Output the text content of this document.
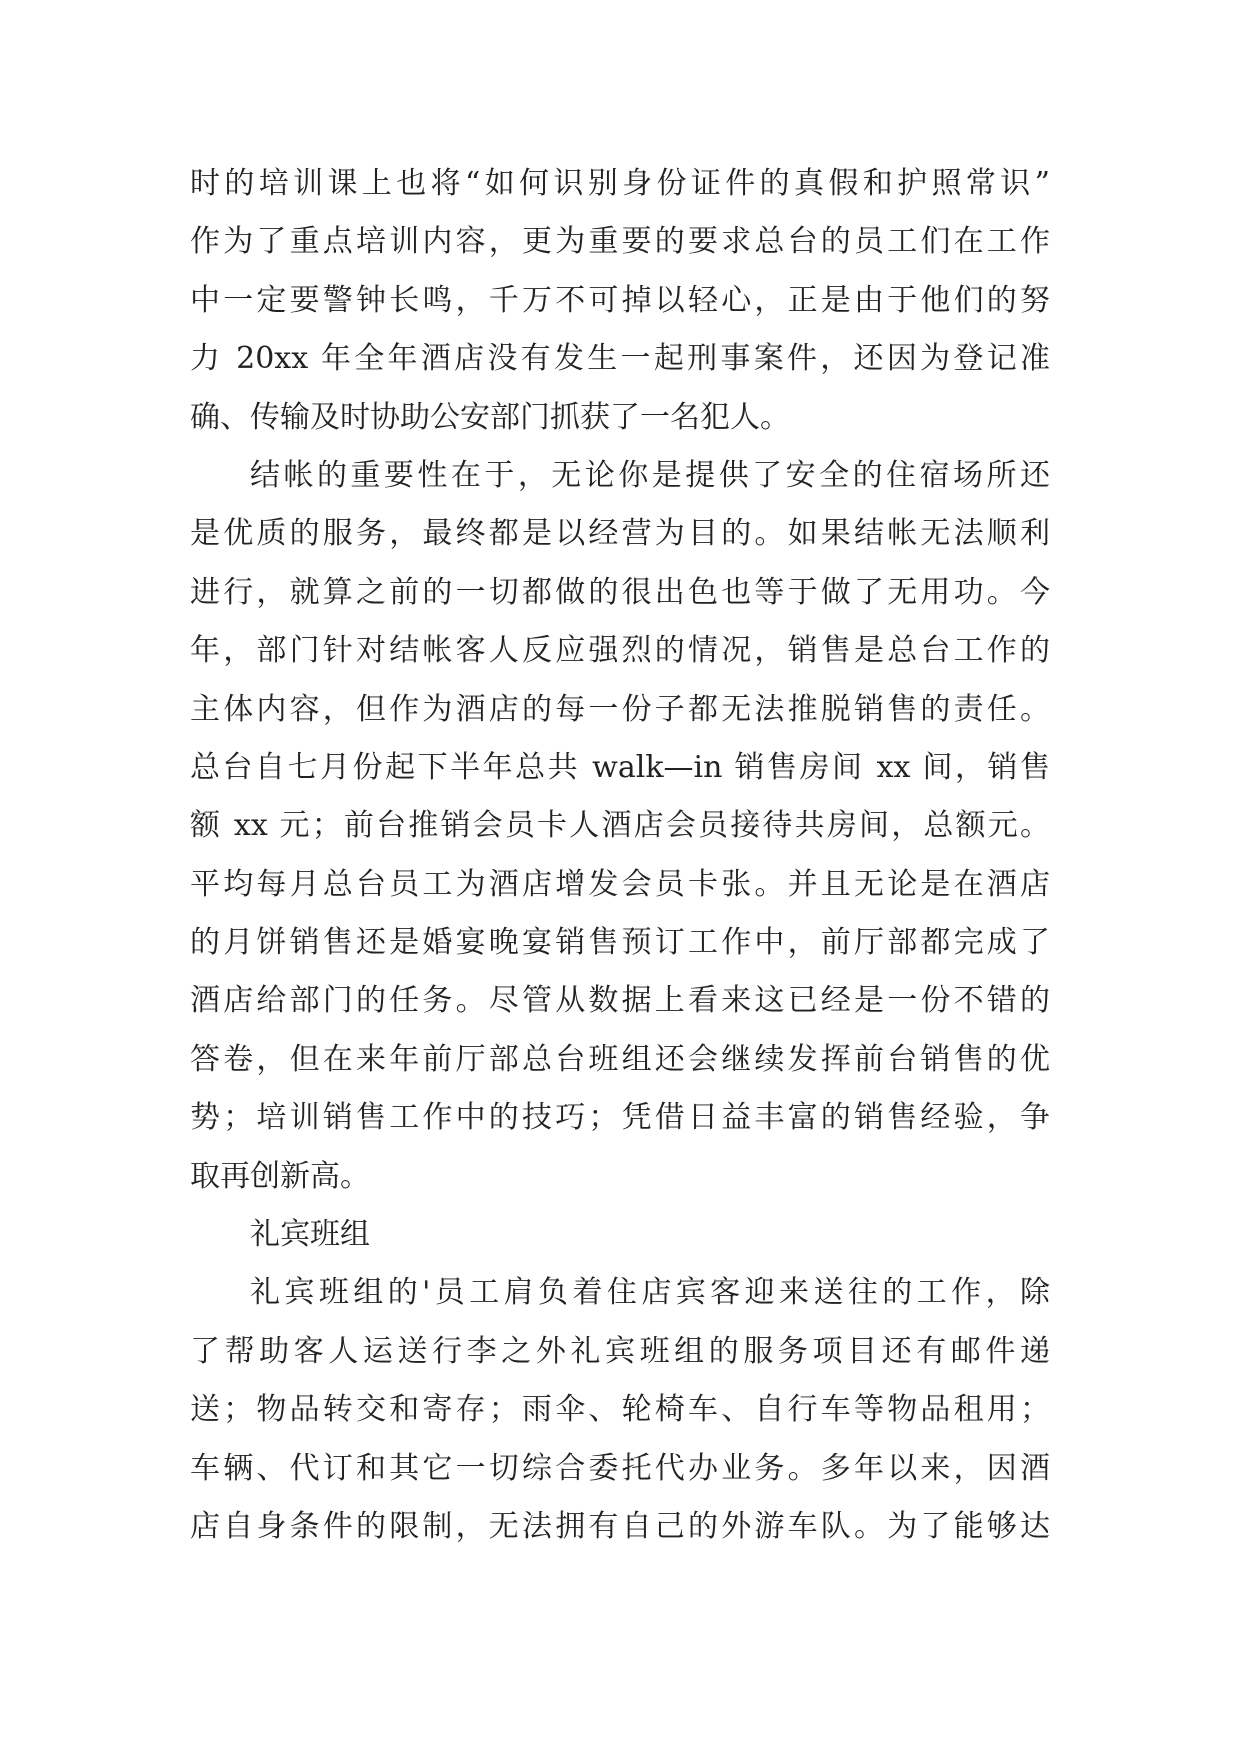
时的培训课上也将“如何识别身份证件的真假和护照常识”
作为了重点培训内容，更为重要的要求总台的员工们在工作
中一定要警钟长鸣，千万不可掉以轻心，正是由于他们的努
力 20xx 年全年酒店没有发生一起刑事案件，还因为登记准
确、传输及时协助公安部门抓获了一名犯人。
结帐的重要性在于，无论你是提供了安全的住宿场所还
是优质的服务，最终都是以经营为目的。如果结帐无法顺利
进行，就算之前的一切都做的很出色也等于做了无用功。今
年，部门针对结帐客人反应强烈的情况，销售是总台工作的
主体内容，但作为酒店的每一份子都无法推脱销售的责任。
总台自七月份起下半年总共 walk—in 销售房间 xx 间，销售
额 xx 元；前台推销会员卡人酒店会员接待共房间，总额元。
平均每月总台员工为酒店增发会员卡张。并且无论是在酒店
的月饼销售还是婚宴晚宴销售预订工作中，前厅部都完成了
酒店给部门的任务。尽管从数据上看来这已经是一份不错的
答卷，但在来年前厅部总台班组还会继续发挥前台销售的优
势；培训销售工作中的技巧；凭借日益丰富的销售经验，争
取再创新高。
礼宾班组
礼宾班组的'员工肩负着住店宾客迎来送往的工作，除
了帮助客人运送行李之外礼宾班组的服务项目还有邮件递
送；物品转交和寄存；雨伞、轮椅车、自行车等物品租用；
车辆、代订和其它一切综合委托代办业务。多年以来，因酒
店自身条件的限制，无法拥有自己的外游车队。为了能够达
